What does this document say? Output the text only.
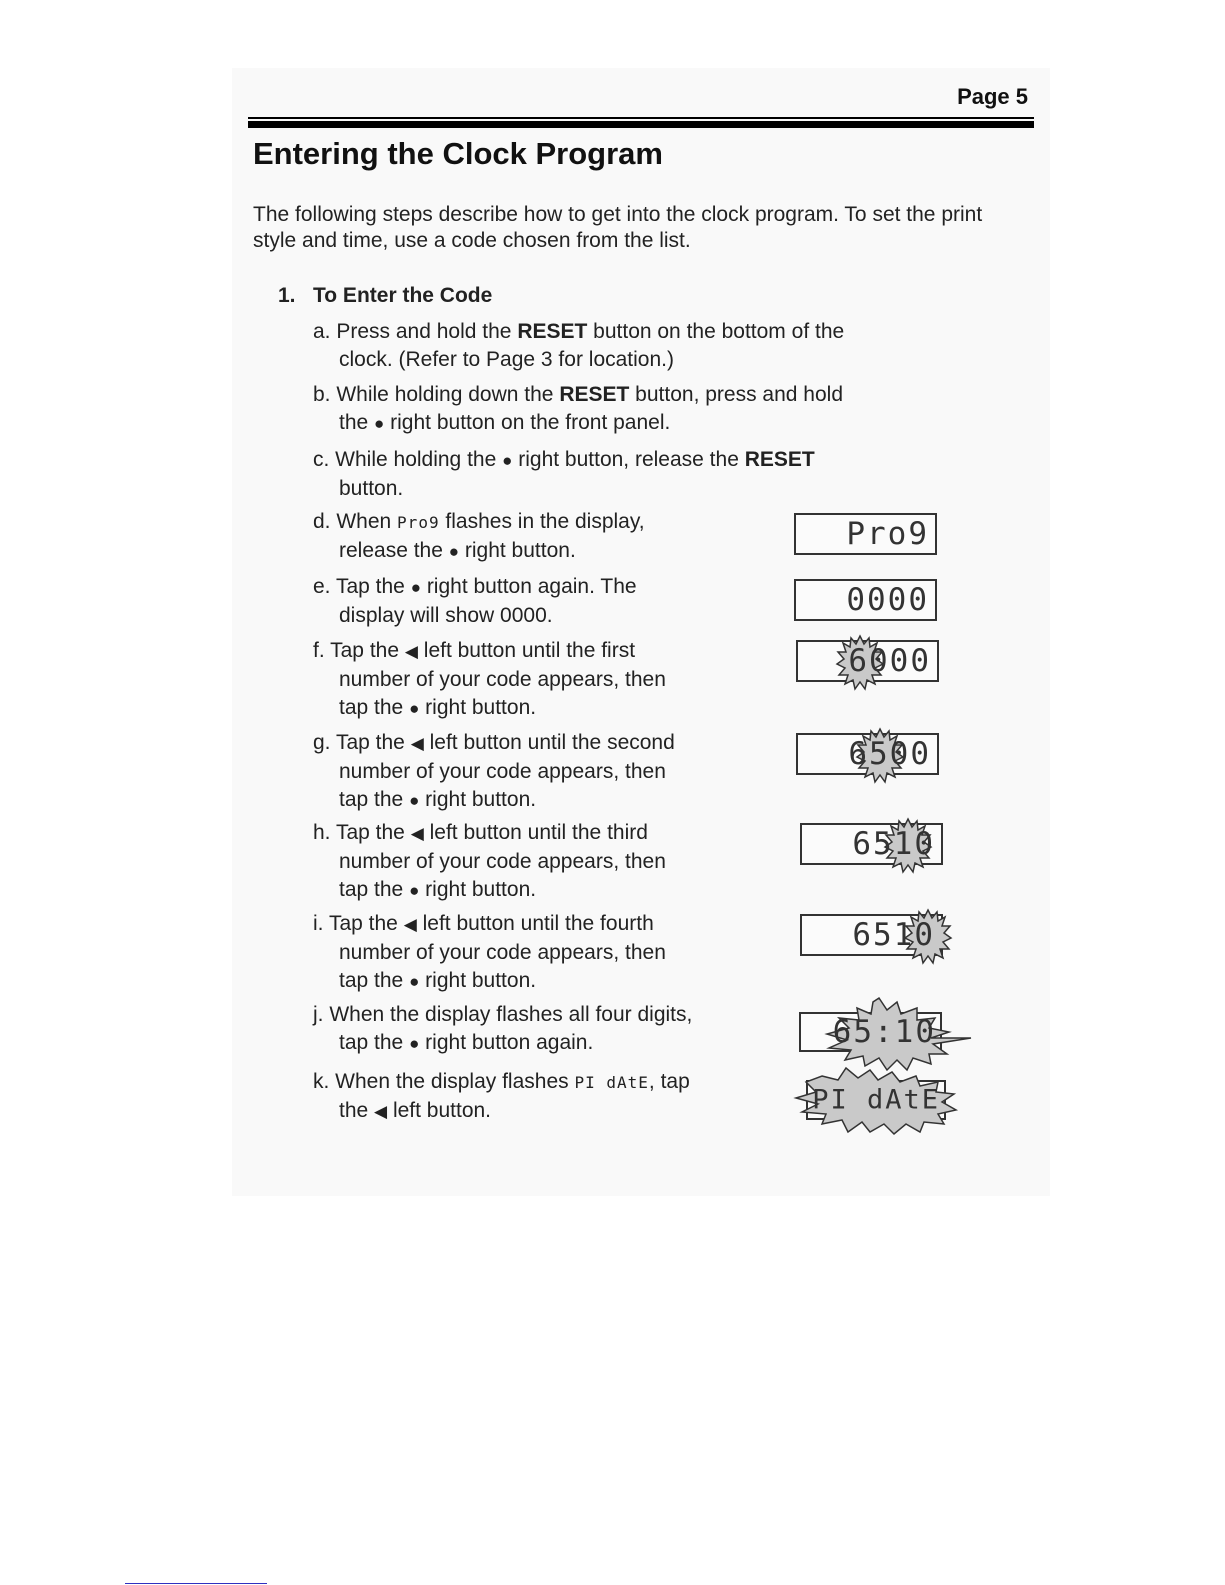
Page 5
Entering the Clock Program

The following steps describe how to get into the clock program. To set the print style and time, use a code chosen from the list.

1. To Enter the Code
a. Press and hold the RESET button on the bottom of the
clock. (Refer to Page 3 for location.)
b. While holding down the RESET button, press and hold
the ● right button on the front panel.
c. While holding the ● right button, release the RESET
button.
d. When Pro9 flashes in the display,
release the ● right button.
e. Tap the ● right button again. The
display will show 0000.
f. Tap the ◀ left button until the first
number of your code appears, then
tap the ● right button.
g. Tap the ◀ left button until the second
number of your code appears, then
tap the ● right button.
h. Tap the ◀ left button until the third
number of your code appears, then
tap the ● right button.
i. Tap the ◀ left button until the fourth
number of your code appears, then
tap the ● right button.
j. When the display flashes all four digits,
tap the ● right button again.
k. When the display flashes PI dAtE, tap
the ◀ left button.
Pro9
0000
6000
6500
6510
6510
65:10
PI dAtE
